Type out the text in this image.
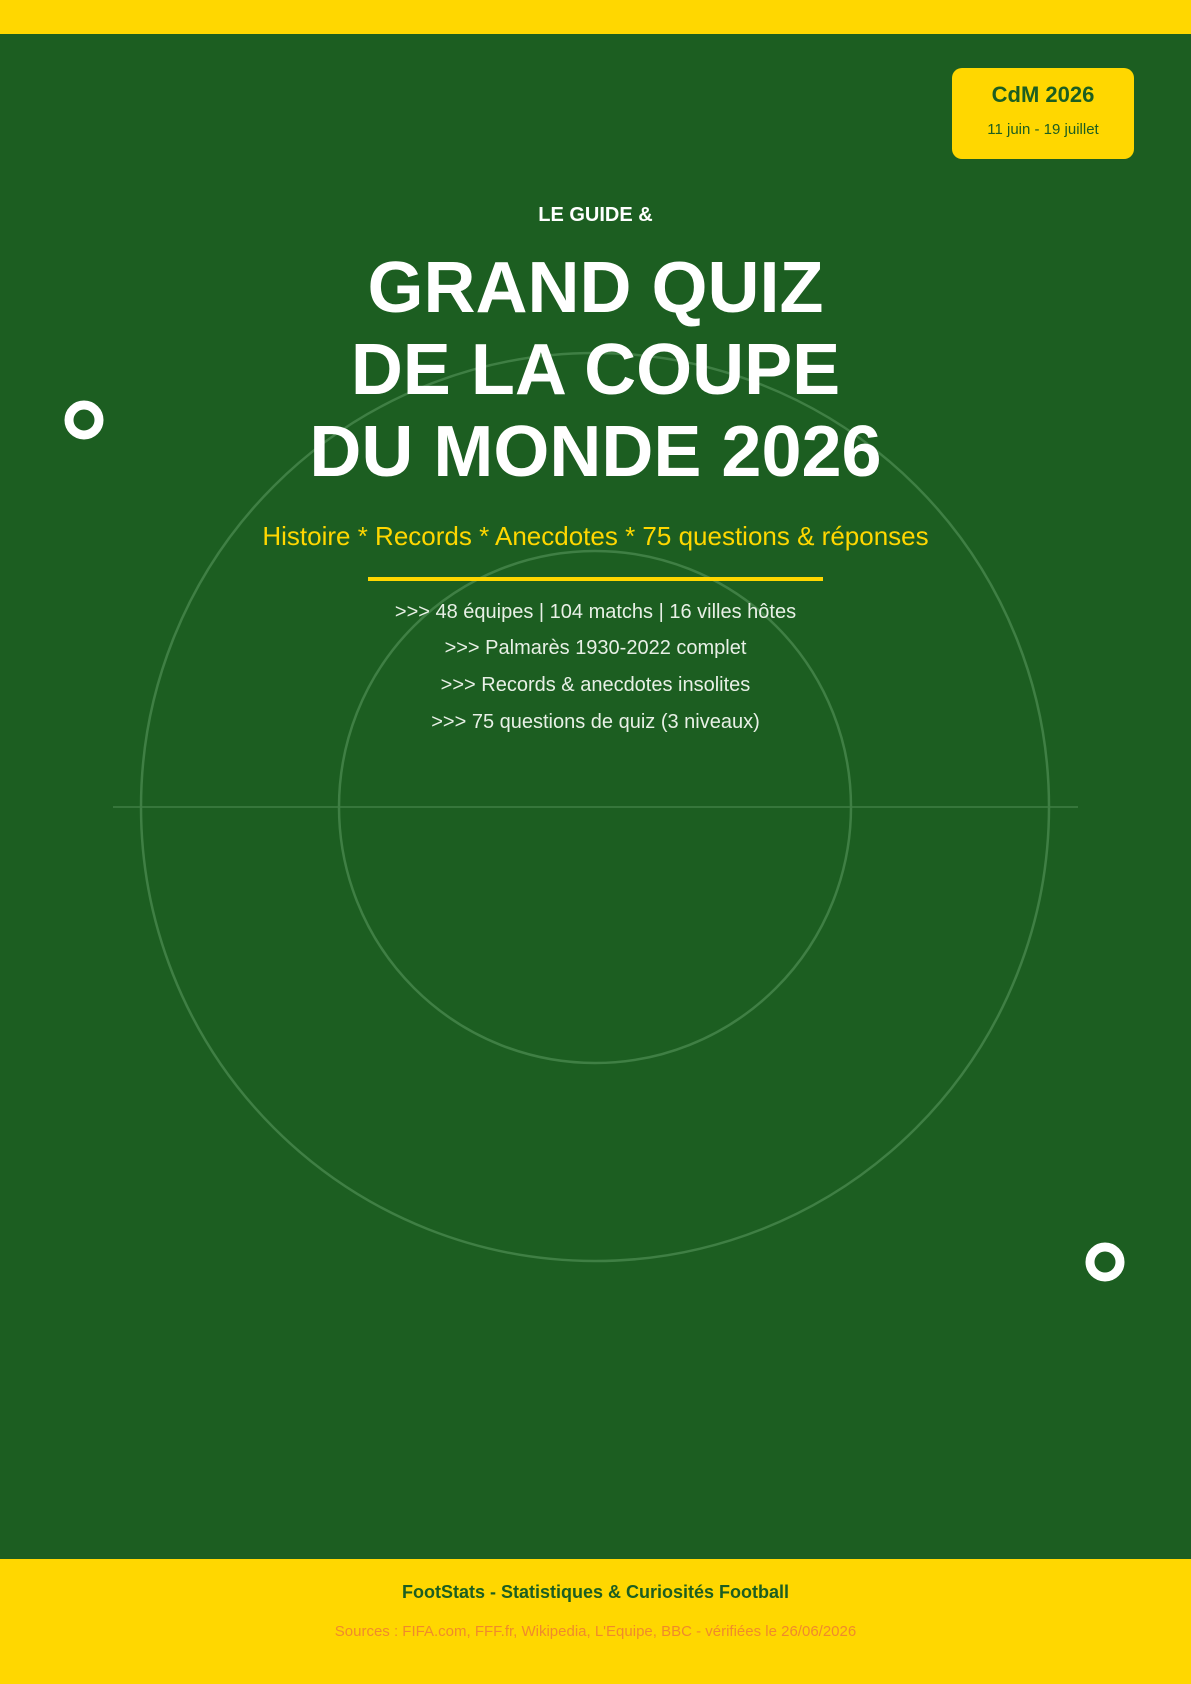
CdM 2026
11 juin - 19 juillet
LE GUIDE &
GRAND QUIZ
DE LA COUPE
DU MONDE 2026
Histoire * Records * Anecdotes * 75 questions & réponses
>>> 48 équipes | 104 matchs | 16 villes hôtes
>>> Palmarès 1930-2022 complet
>>> Records & anecdotes insolites
>>> 75 questions de quiz (3 niveaux)
FootStats - Statistiques & Curiosités Football
Sources : FIFA.com, FFF.fr, Wikipedia, L'Equipe, BBC - vérifiées le 26/06/2026
